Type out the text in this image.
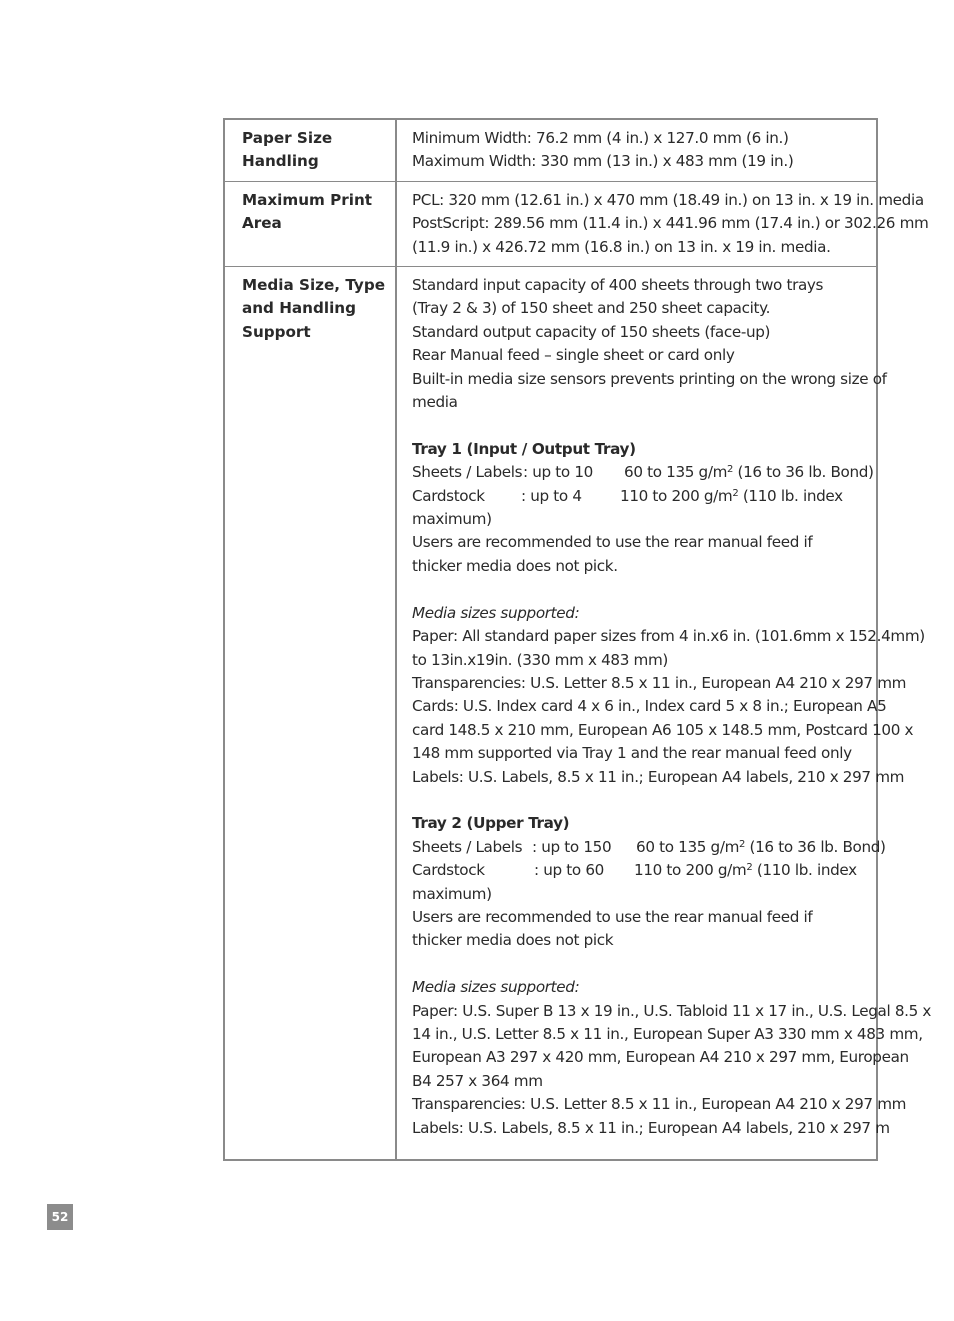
Paper Size Handling
Minimum Width: 76.2 mm (4 in.) x 127.0 mm (6 in.)
Maximum Width: 330 mm (13 in.) x 483 mm (19 in.)
Maximum Print
Area
PCL: 320 mm (12.61 in.) x 470 mm (18.49 in.) on 13 in. x 19 in. media
PostScript: 289.56 mm (11.4 in.) x 441.96 mm (17.4 in.) or 302.26 mm
(11.9 in.) x 426.72 mm (16.8 in.) on 13 in. x 19 in. media.
Media Size, Type
and Handling
Support
Standard input capacity of 400 sheets through two trays
(Tray 2 & 3) of 150 sheet and 250 sheet capacity.
Standard output capacity of 150 sheets (face-up)
Rear Manual feed – single sheet or card only
Built-in media size sensors prevents printing on the wrong size of
media
Tray 1 (Input / Output Tray)
Sheets / Labels: up to 10 60 to 135 $g/m^2$ (16 to 36 lb. Bond)
Cardstock : up to 4	110 to 200 $g/m^2$ (110 lb. index
maximum)
Users are recommended to use the rear manual feed if
thicker media does not pick.
Media sizes supported:
Paper: All standard paper sizes from 4 in.x6 in. (101.6mm x 152.4mm)
to 13in.x19in. (330 mm x 483 mm)
Transparencies: U.S. Letter 8.5 x 11 in., European A4 210 x 297 mm
Cards: U.S. Index card 4 x 6 in., Index card 5 x 8 in.; European A5
card 148.5 x 210 mm, European A6 105 x 148.5 mm, Postcard 100 x
148 mm supported via Tray 1 and the rear manual feed only
Labels: U.S. Labels, 8.5 x 11 in.; European A4 labels, 210 x 297 mm
Tray 2 (Upper Tray)
Sheets / Labels : up to 150 60 to 135 $g/m^2$ (16 to 36 lb. Bond)
Cardstock	: up to 60 110 to 200 $g/m^2$ (110 lb. index
maximum)
Users are recommended to use the rear manual feed if
thicker media does not pick
Media sizes supported:
Paper: U.S. Super B 13 x 19 in., U.S. Tabloid 11 x 17 in., U.S. Legal 8.5 x
14 in., U.S. Letter 8.5 x 11 in., European Super A3 330 mm x 483 mm,
European A3 297 x 420 mm, European A4 210 x 297 mm, European
B4 257 x 364 mm
Transparencies: U.S. Letter 8.5 x 11 in., European A4 210 x 297 mm
Labels: U.S. Labels, 8.5 x 11 in.; European A4 labels, 210 x 297 m
52
